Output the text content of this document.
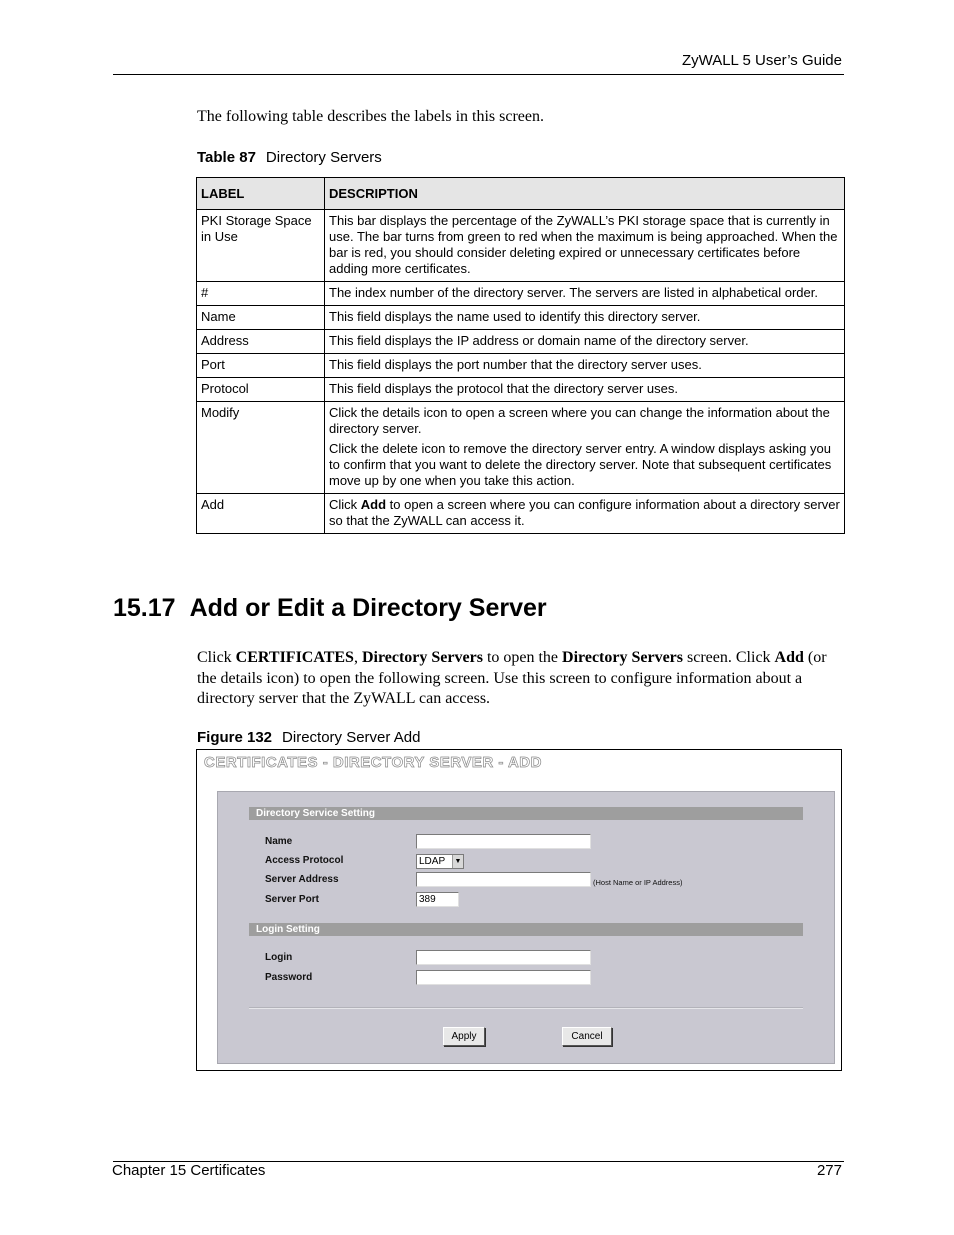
ZyWALL 5 User’s Guide
The following table describes the labels in this screen.
Table 87 Directory Servers
LABEL	DESCRIPTION
PKI Storage Space in Use	This bar displays the percentage of the ZyWALL’s PKI storage space that is currently in use. The bar turns from green to red when the maximum is being approached. When the bar is red, you should consider deleting expired or unnecessary certificates before adding more certificates.

#	The index number of the directory server. The servers are listed in alphabetical order.

Name	This field displays the name used to identify this directory server.

Address	This field displays the IP address or domain name of the directory server.

Port	This field displays the port number that the directory server uses.

Protocol	This field displays the protocol that the directory server uses.

Modify	Click the details icon to open a screen where you can change the information about the directory server.

Click the delete icon to remove the directory server entry. A window displays asking you to confirm that you want to delete the directory server. Note that subsequent certificates move up by one when you take this action.

Add	Click Add to open a screen where you can configure information about a directory server so that the ZyWALL can access it.

15.17 Add or Edit a Directory Server
Click CERTIFICATES, Directory Servers to open the Directory Servers screen. Click Add (or the details icon) to open the following screen. Use this screen to configure information about a directory server that the ZyWALL can access.
Figure 132 Directory Server Add
CERTIFICATES - DIRECTORY SERVER - ADD
Directory Service Setting
Name
Access Protocol	LDAP	▼
Server Address	(Host Name or IP Address)
Server Port	389
Login Setting
Login
Password
Apply	Cancel
Chapter 15 Certificates	277
